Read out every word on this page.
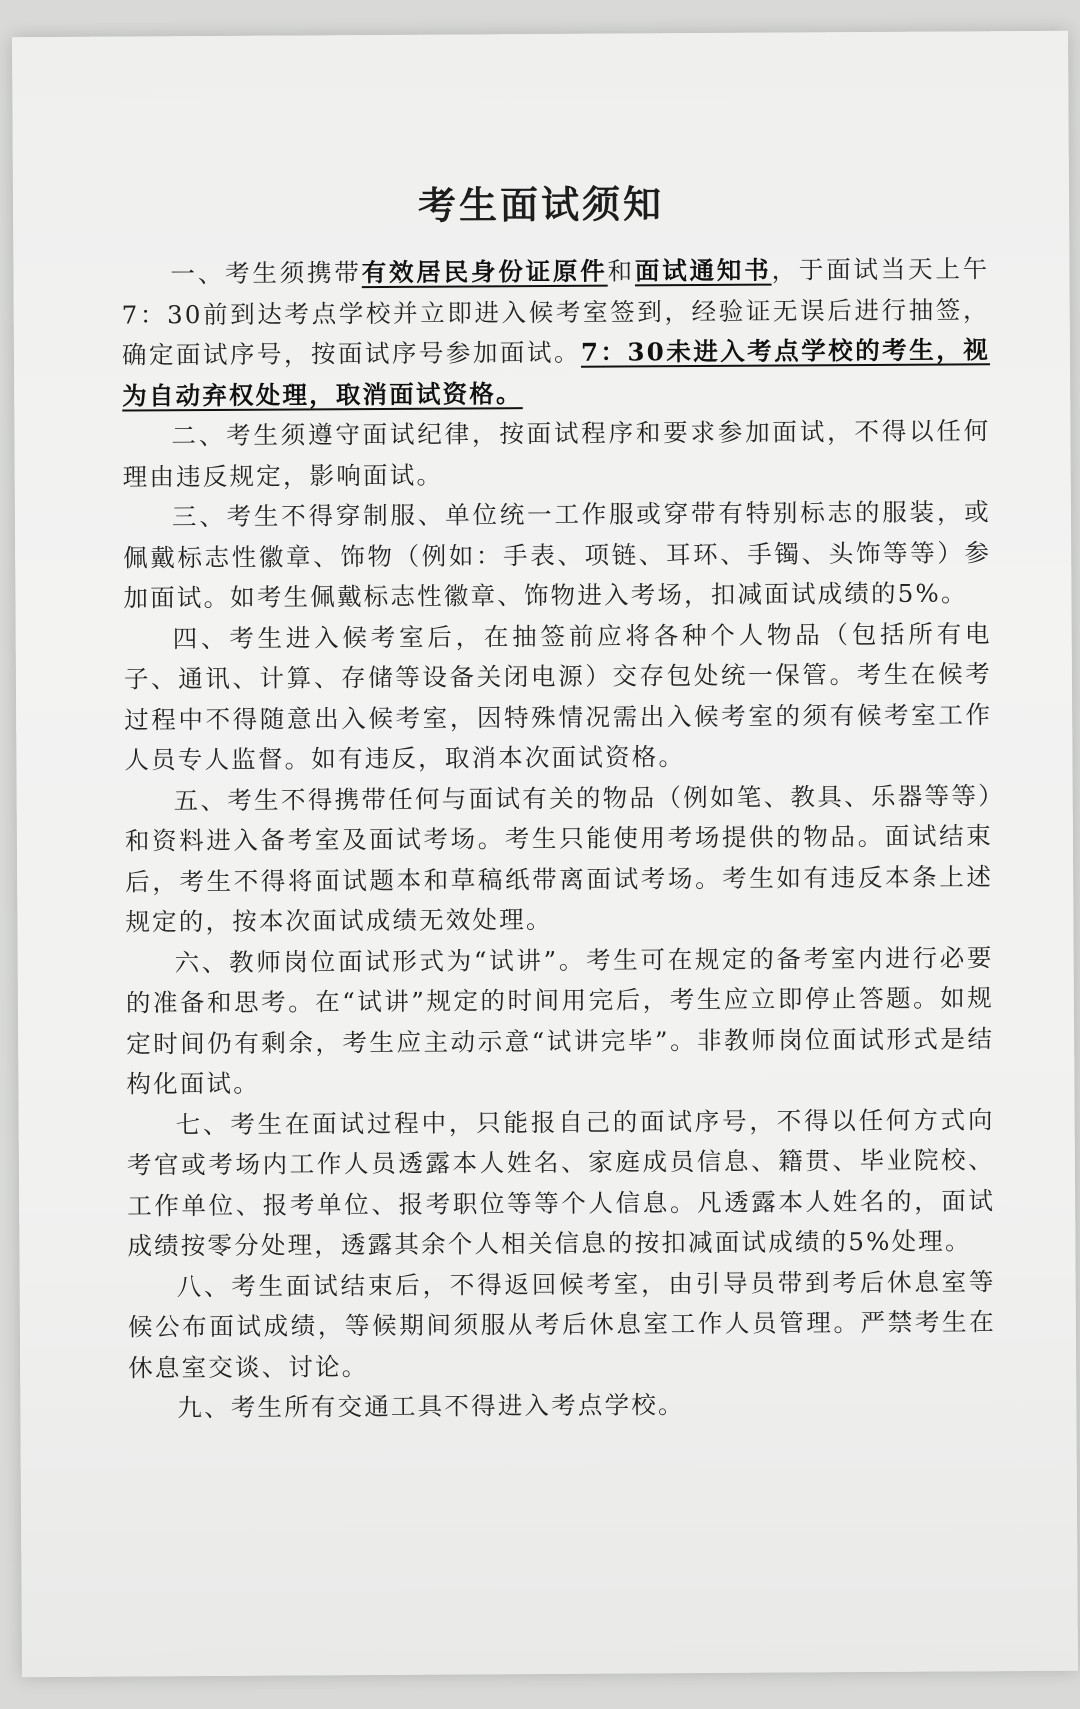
考生面试须知

一、考生须携带有效居民身份证原件和面试通知书，于面试当天上午7：30前到达考点学校并立即进入候考室签到，经验证无误后进行抽签，确定面试序号，按面试序号参加面试。7：30未进入考点学校的考生，视为自动弃权处理，取消面试资格。

二、考生须遵守面试纪律，按面试程序和要求参加面试，不得以任何理由违反规定，影响面试。

三、考生不得穿制服、单位统一工作服或穿带有特别标志的服装，或佩戴标志性徽章、饰物（例如：手表、项链、耳环、手镯、头饰等等）参加面试。如考生佩戴标志性徽章、饰物进入考场，扣减面试成绩的5%。

四、考生进入候考室后，在抽签前应将各种个人物品（包括所有电子、通讯、计算、存储等设备关闭电源）交存包处统一保管。考生在候考过程中不得随意出入候考室，因特殊情况需出入候考室的须有候考室工作人员专人监督。如有违反，取消本次面试资格。

五、考生不得携带任何与面试有关的物品（例如笔、教具、乐器等等）和资料进入备考室及面试考场。考生只能使用考场提供的物品。面试结束后，考生不得将面试题本和草稿纸带离面试考场。考生如有违反本条上述规定的，按本次面试成绩无效处理。

六、教师岗位面试形式为“试讲”。考生可在规定的备考室内进行必要的准备和思考。在“试讲”规定的时间用完后，考生应立即停止答题。如规定时间仍有剩余，考生应主动示意“试讲完毕”。非教师岗位面试形式是结构化面试。

七、考生在面试过程中，只能报自己的面试序号，不得以任何方式向考官或考场内工作人员透露本人姓名、家庭成员信息、籍贯、毕业院校、工作单位、报考单位、报考职位等等个人信息。凡透露本人姓名的，面试成绩按零分处理，透露其余个人相关信息的按扣减面试成绩的5%处理。

八、考生面试结束后，不得返回候考室，由引导员带到考后休息室等候公布面试成绩，等候期间须服从考后休息室工作人员管理。严禁考生在休息室交谈、讨论。

九、考生所有交通工具不得进入考点学校。
